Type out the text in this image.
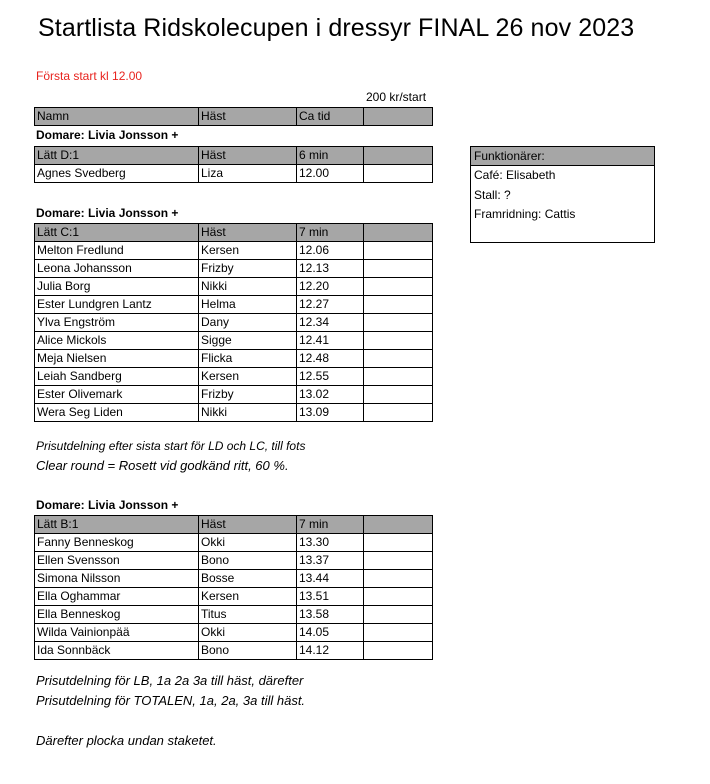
Startlista Ridskolecupen i dressyr FINAL 26 nov 2023
Första start kl 12.00
200 kr/start
Namn	Häst	Ca tid	
Domare: Livia Jonsson +
Lätt D:1	Häst	6 min	
Agnes Svedberg	Liza	12.00	
Domare: Livia Jonsson +
Lätt C:1	Häst	7 min	
Melton Fredlund	Kersen	12.06	
Leona Johansson	Frizby	12.13	
Julia Borg	Nikki	12.20	
Ester Lundgren Lantz	Helma	12.27	
Ylva Engström	Dany	12.34	
Alice Mickols	Sigge	12.41	
Meja Nielsen	Flicka	12.48	
Leiah Sandberg	Kersen	12.55	
Ester Olivemark	Frizby	13.02	
Wera Seg Liden	Nikki	13.09	
Prisutdelning efter sista start för LD och LC, till fots
Clear round = Rosett vid godkänd ritt, 60 %.
Domare: Livia Jonsson +
Lätt B:1	Häst	7 min	
Fanny Benneskog	Okki	13.30	
Ellen Svensson	Bono	13.37	
Simona Nilsson	Bosse	13.44	
Ella Oghammar	Kersen	13.51	
Ella Benneskog	Titus	13.58	
Wilda Vainionpää	Okki	14.05	
Ida Sonnbäck	Bono	14.12	
Prisutdelning för LB, 1a 2a 3a till häst, därefter
Prisutdelning för TOTALEN, 1a, 2a, 3a till häst.
Därefter plocka undan staketet.
Funktionärer:
Café: Elisabeth
Stall: ?
Framridning: Cattis
